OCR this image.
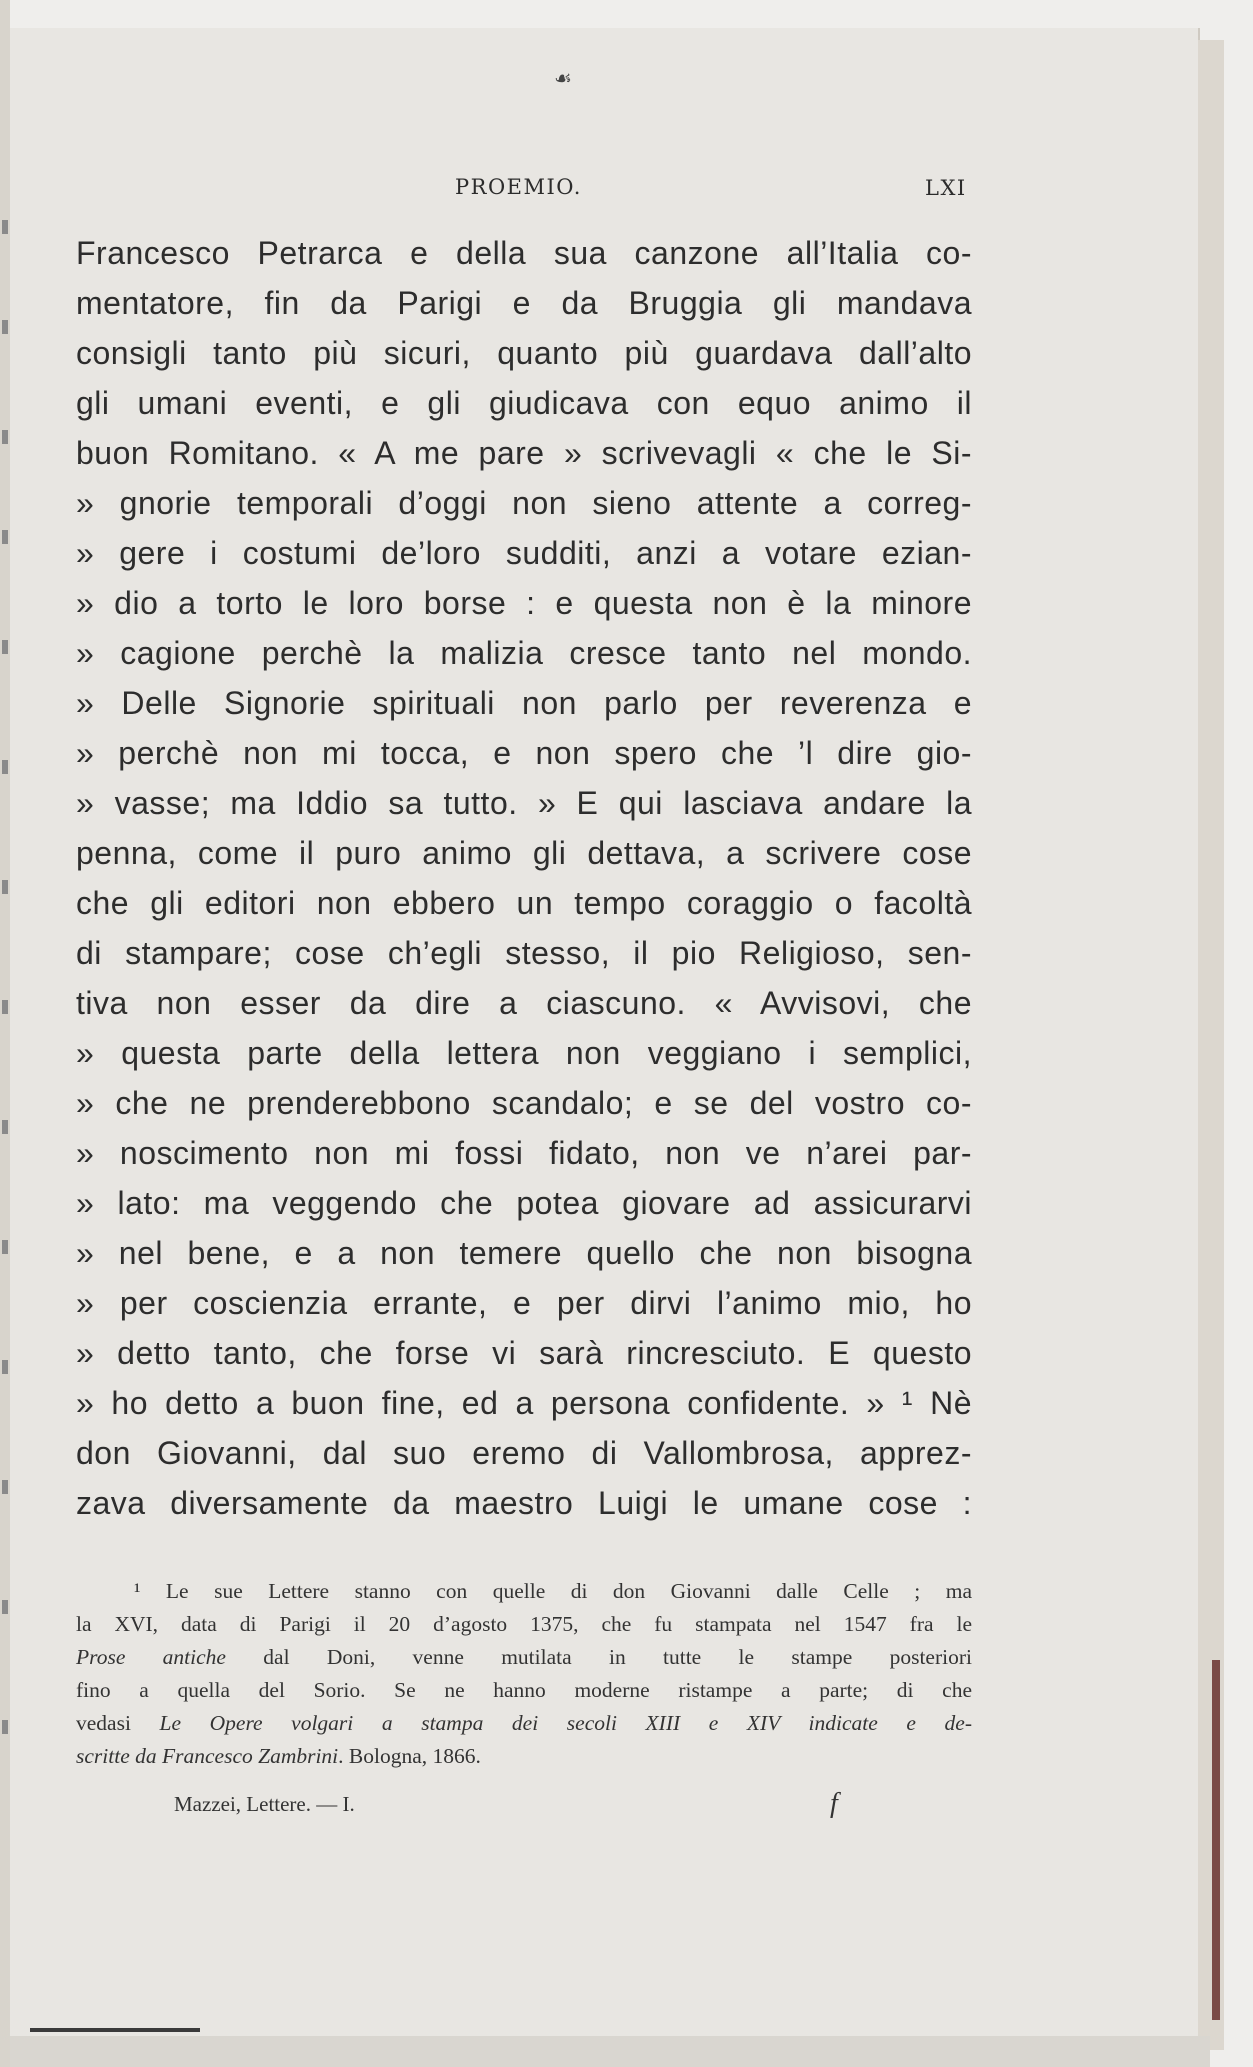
☙
PROEMIO.	LXI
Francesco Petrarca e della sua canzone all’Italia co-
mentatore, fin da Parigi e da Bruggia gli mandava
consigli tanto più sicuri, quanto più guardava dall’alto
gli umani eventi, e gli giudicava con equo animo il
buon Romitano. « A me pare » scrivevagli « che le Si-
» gnorie temporali d’oggi non sieno attente a correg-
» gere i costumi de’loro sudditi, anzi a votare ezian-
» dio a torto le loro borse : e questa non è la minore
» cagione perchè la malizia cresce tanto nel mondo.
» Delle Signorie spirituali non parlo per reverenza e
» perchè non mi tocca, e non spero che ’l dire gio-
» vasse; ma Iddio sa tutto. » E qui lasciava andare la
penna, come il puro animo gli dettava, a scrivere cose
che gli editori non ebbero un tempo coraggio o facoltà
di stampare; cose ch’egli stesso, il pio Religioso, sen-
tiva non esser da dire a ciascuno. « Avvisovi, che
» questa parte della lettera non veggiano i semplici,
» che ne prenderebbono scandalo; e se del vostro co-
» noscimento non mi fossi fidato, non ve n’arei par-
» lato: ma veggendo che potea giovare ad assicurarvi
» nel bene, e a non temere quello che non bisogna
» per coscienzia errante, e per dirvi l’animo mio, ho
» detto tanto, che forse vi sarà rincresciuto. E questo
» ho detto a buon fine, ed a persona confidente. » ¹ Nè
don Giovanni, dal suo eremo di Vallombrosa, apprez-
zava diversamente da maestro Luigi le umane cose :
¹ Le sue Lettere stanno con quelle di don Giovanni dalle Celle ; ma
la XVI, data di Parigi il 20 d’agosto 1375, che fu stampata nel 1547 fra le
Prose antiche dal Doni, venne mutilata in tutte le stampe posteriori
fino a quella del Sorio. Se ne hanno moderne ristampe a parte; di che
vedasi Le Opere volgari a stampa dei secoli XIII e XIV indicate e de-
scritte da Francesco Zambrini. Bologna, 1866.
Mazzei, Lettere. — I.	f
